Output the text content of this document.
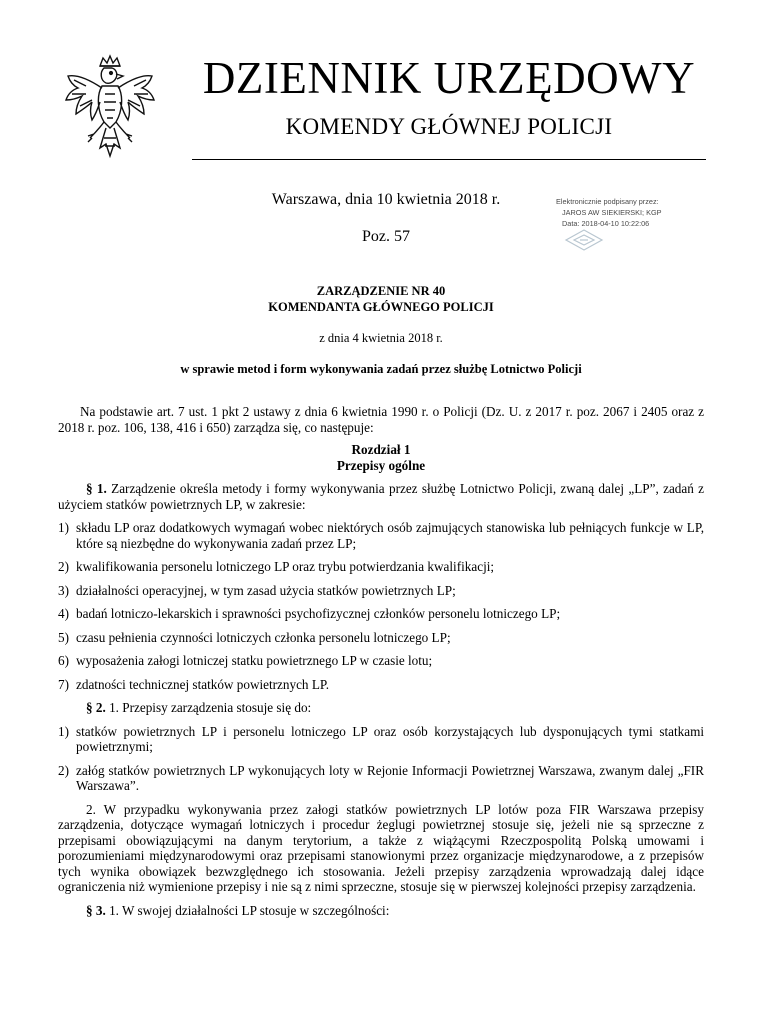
DZIENNIK URZĘDOWY
KOMENDY GŁÓWNEJ POLICJI
Warszawa, dnia 10 kwietnia 2018 r.
Poz. 57
Elektronicznie podpisany przez:
JAROS AW SIEKIERSKI; KGP
Data: 2018-04-10 10:22:06
ZARZĄDZENIE NR 40
KOMENDANTA GŁÓWNEGO POLICJI
z dnia 4 kwietnia 2018 r.
w sprawie metod i form wykonywania zadań przez służbę Lotnictwo Policji

Na podstawie art. 7 ust. 1 pkt 2 ustawy z dnia 6 kwietnia 1990 r. o Policji (Dz. U. z 2017 r. poz. 2067 i 2405 oraz z 2018 r. poz. 106, 138, 416 i 650) zarządza się, co następuje:

Rozdział 1

Przepisy ogólne

§ 1. Zarządzenie określa metody i formy wykonywania przez służbę Lotnictwo Policji, zwaną dalej „LP”, zadań z użyciem statków powietrznych LP, w zakresie:

1) składu LP oraz dodatkowych wymagań wobec niektórych osób zajmujących stanowiska lub pełniących funkcje w LP, które są niezbędne do wykonywania zadań przez LP;

2) kwalifikowania personelu lotniczego LP oraz trybu potwierdzania kwalifikacji;

3) działalności operacyjnej, w tym zasad użycia statków powietrznych LP;

4) badań lotniczo-lekarskich i sprawności psychofizycznej członków personelu lotniczego LP;

5) czasu pełnienia czynności lotniczych członka personelu lotniczego LP;

6) wyposażenia załogi lotniczej statku powietrznego LP w czasie lotu;

7) zdatności technicznej statków powietrznych LP.

§ 2. 1. Przepisy zarządzenia stosuje się do:

1) statków powietrznych LP i personelu lotniczego LP oraz osób korzystających lub dysponujących tymi statkami powietrznymi;

2) załóg statków powietrznych LP wykonujących loty w Rejonie Informacji Powietrznej Warszawa, zwanym dalej „FIR Warszawa”.

2. W przypadku wykonywania przez załogi statków powietrznych LP lotów poza FIR Warszawa przepisy zarządzenia, dotyczące wymagań lotniczych i procedur żeglugi powietrznej stosuje się, jeżeli nie są sprzeczne z przepisami obowiązującymi na danym terytorium, a także z wiążącymi Rzeczpospolitą Polską umowami i porozumieniami międzynarodowymi oraz przepisami stanowionymi przez organizacje międzynarodowe, a z przepisów tych wynika obowiązek bezwzględnego ich stosowania. Jeżeli przepisy zarządzenia wprowadzają dalej idące ograniczenia niż wymienione przepisy i nie są z nimi sprzeczne, stosuje się w pierwszej kolejności przepisy zarządzenia.

§ 3. 1. W swojej działalności LP stosuje w szczególności:
